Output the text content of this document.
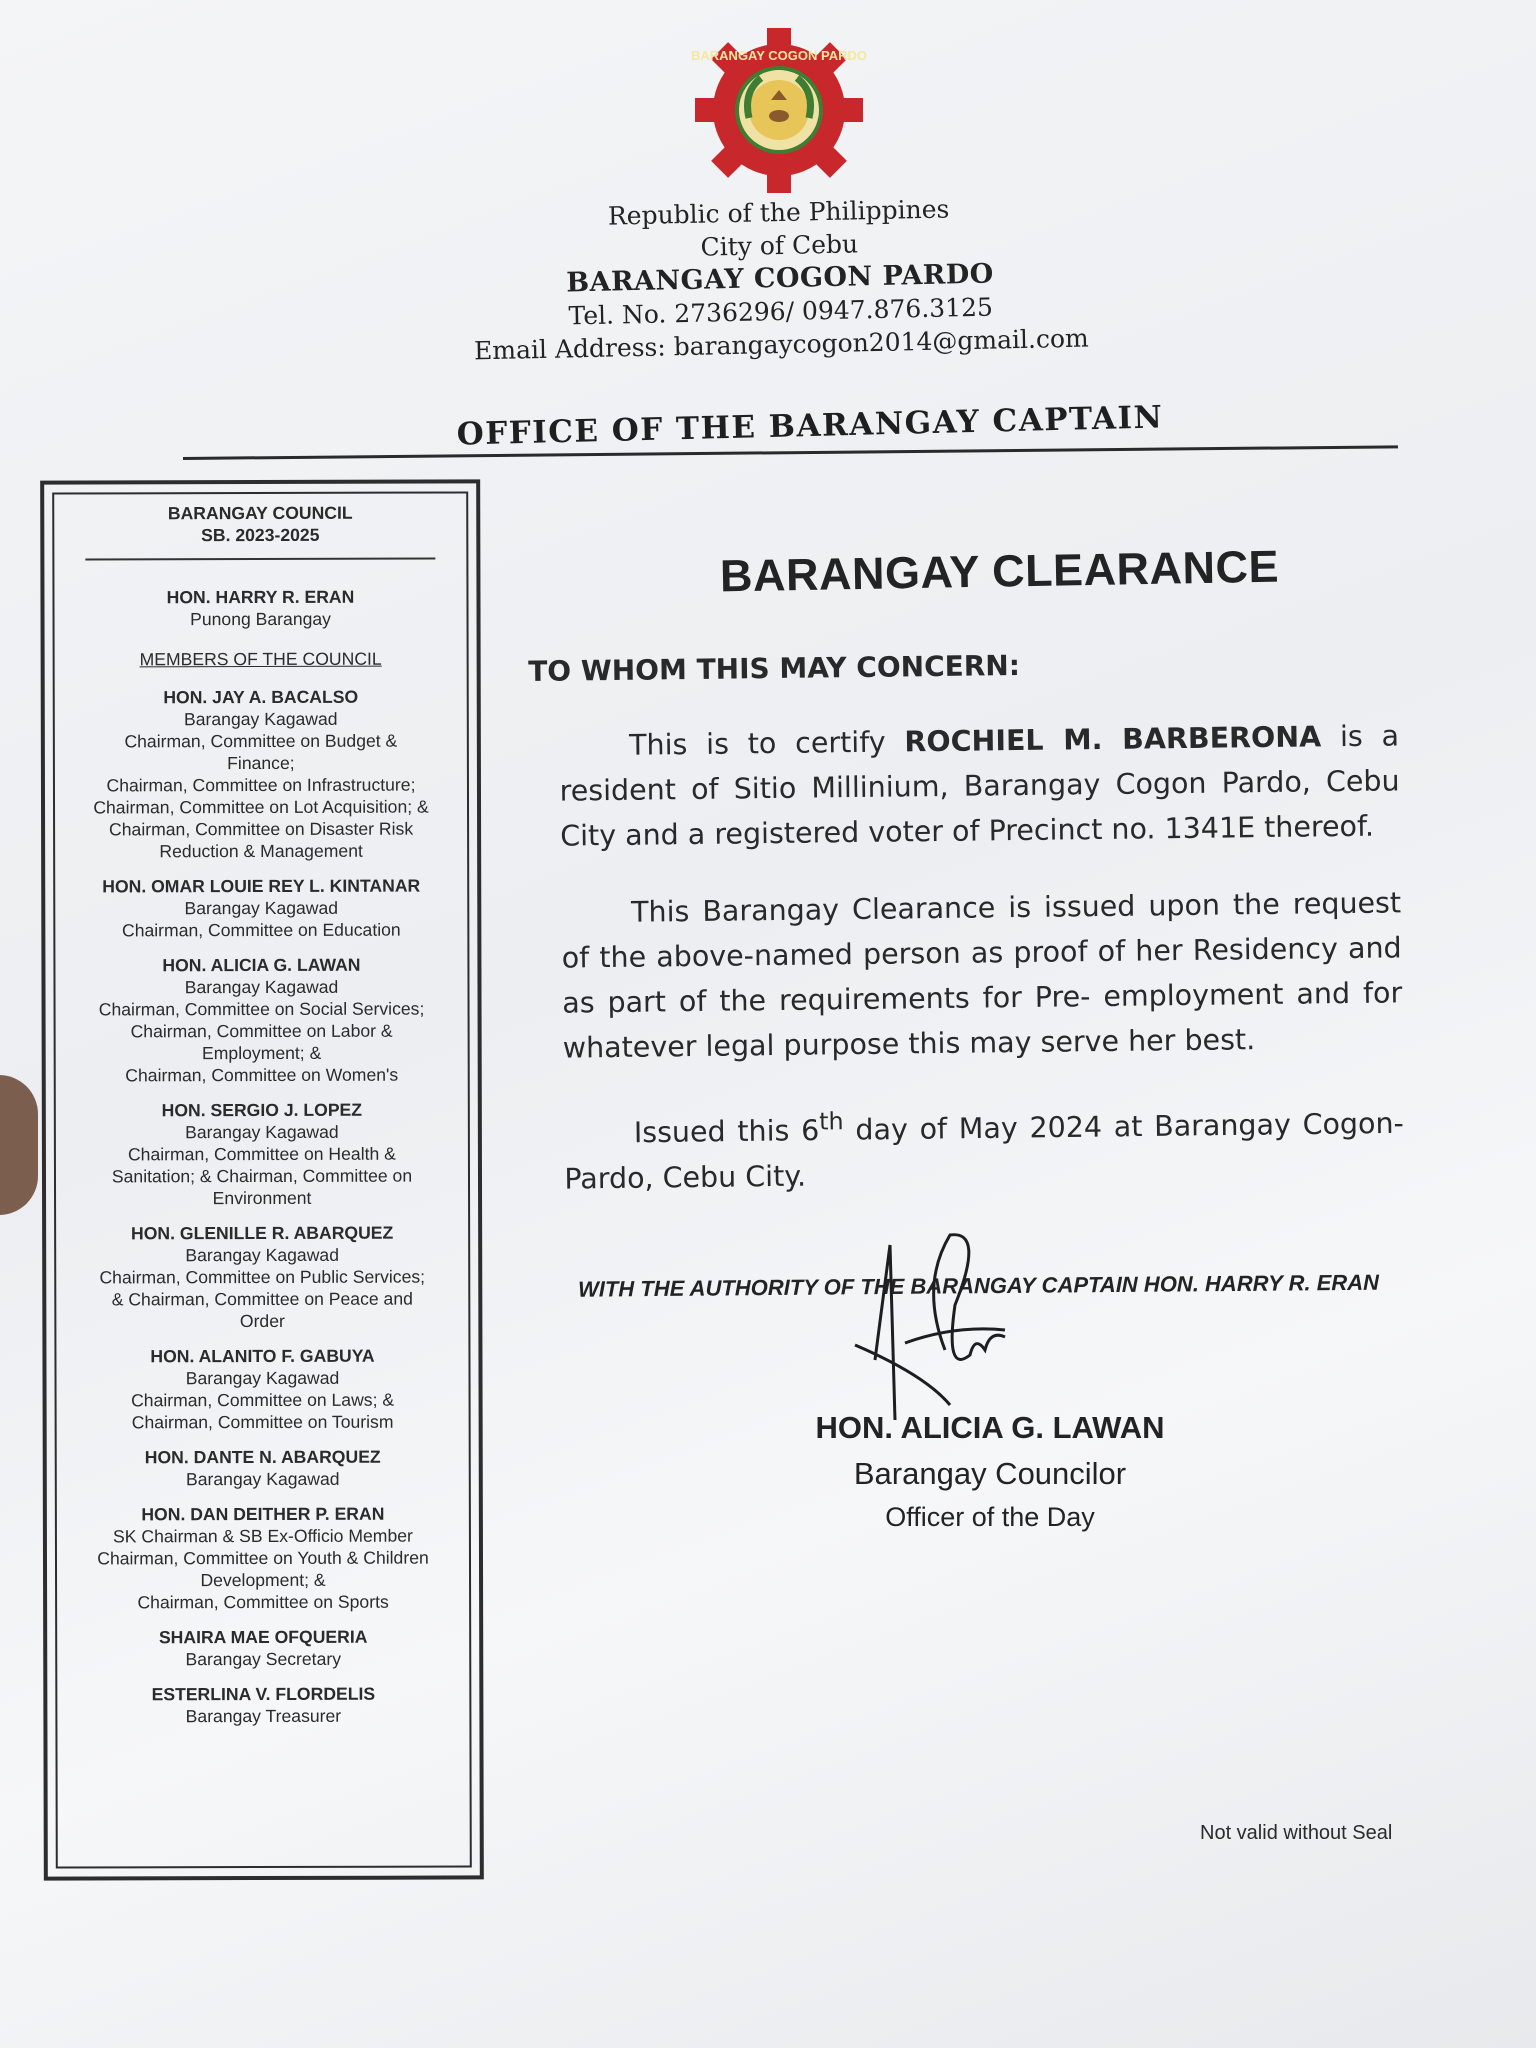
BARANGAY COGON PARDO
Republic of the Philippines
City of Cebu
BARANGAY COGON PARDO
Tel. No. 2736296/ 0947.876.3125
Email Address: barangaycogon2014@gmail.com
OFFICE OF THE BARANGAY CAPTAIN
BARANGAY COUNCIL
SB. 2023-2025
HON. HARRY R. ERAN
Punong Barangay
MEMBERS OF THE COUNCIL
HON. JAY A. BACALSO
Barangay Kagawad
Chairman, Committee on Budget &
Finance;
Chairman, Committee on Infrastructure;
Chairman, Committee on Lot Acquisition; &
Chairman, Committee on Disaster Risk
Reduction & Management
HON. OMAR LOUIE REY L. KINTANAR
Barangay Kagawad
Chairman, Committee on Education
HON. ALICIA G. LAWAN
Barangay Kagawad
Chairman, Committee on Social Services;
Chairman, Committee on Labor &
Employment; &
Chairman, Committee on Women's
HON. SERGIO J. LOPEZ
Barangay Kagawad
Chairman, Committee on Health &
Sanitation; & Chairman, Committee on
Environment
HON. GLENILLE R. ABARQUEZ
Barangay Kagawad
Chairman, Committee on Public Services;
& Chairman, Committee on Peace and
Order
HON. ALANITO F. GABUYA
Barangay Kagawad
Chairman, Committee on Laws; &
Chairman, Committee on Tourism
HON. DANTE N. ABARQUEZ
Barangay Kagawad
HON. DAN DEITHER P. ERAN
SK Chairman & SB Ex-Officio Member
Chairman, Committee on Youth & Children
Development; &
Chairman, Committee on Sports
SHAIRA MAE OFQUERIA
Barangay Secretary
ESTERLINA V. FLORDELIS
Barangay Treasurer
BARANGAY CLEARANCE
TO WHOM THIS MAY CONCERN:

This is to certify ROCHIEL M. BARBERONA is a resident of Sitio Millinium, Barangay Cogon Pardo, Cebu City and a registered voter of Precinct no. 1341E thereof.

This Barangay Clearance is issued upon the request of the above-named person as proof of her Residency and as part of the requirements for Pre- employment and for whatever legal purpose this may serve her best.

Issued this 6th day of May 2024 at Barangay Cogon-Pardo, Cebu City.

WITH THE AUTHORITY OF THE BARANGAY CAPTAIN HON. HARRY R. ERAN
HON. ALICIA G. LAWAN
Barangay Councilor
Officer of the Day
Not valid without Seal
